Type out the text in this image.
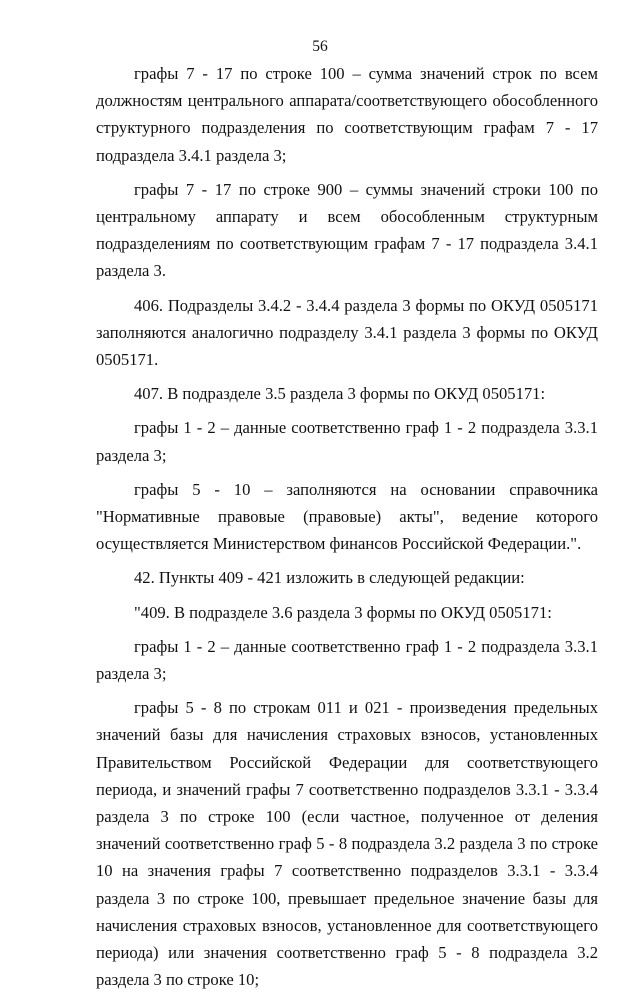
56

графы 7 - 17 по строке 100 – сумма значений строк по всем должностям центрального аппарата/соответствующего обособленного структурного подразделения по соответствующим графам 7 - 17 подраздела 3.4.1 раздела 3;

графы 7 - 17 по строке 900 – суммы значений строки 100 по центральному аппарату и всем обособленным структурным подразделениям по соответствующим графам 7 - 17 подраздела 3.4.1 раздела 3.

406. Подразделы 3.4.2 - 3.4.4 раздела 3 формы по ОКУД 0505171 заполняются аналогично подразделу 3.4.1 раздела 3 формы по ОКУД 0505171.

407. В подразделе 3.5 раздела 3 формы по ОКУД 0505171:

графы 1 - 2 – данные соответственно граф 1 - 2 подраздела 3.3.1 раздела 3;

графы 5 - 10 – заполняются на основании справочника "Нормативные правовые (правовые) акты", ведение которого осуществляется Министерством финансов Российской Федерации.".

42. Пункты 409 - 421 изложить в следующей редакции:

"409. В подразделе 3.6 раздела 3 формы по ОКУД 0505171:

графы 1 - 2 – данные соответственно граф 1 - 2 подраздела 3.3.1 раздела 3;

графы 5 - 8 по строкам 011 и 021 - произведения предельных значений базы для начисления страховых взносов, установленных Правительством Российской Федерации для соответствующего периода, и значений графы 7 соответственно подразделов 3.3.1 - 3.3.4 раздела 3 по строке 100 (если частное, полученное от деления значений соответственно граф 5 - 8 подраздела 3.2 раздела 3 по строке 10 на значения графы 7 соответственно подразделов 3.3.1 - 3.3.4 раздела 3 по строке 100, превышает предельное значение базы для начисления страховых взносов, установленное для соответствующего периода) или значения соответственно граф 5 - 8 подраздела 3.2 раздела 3 по строке 10;
